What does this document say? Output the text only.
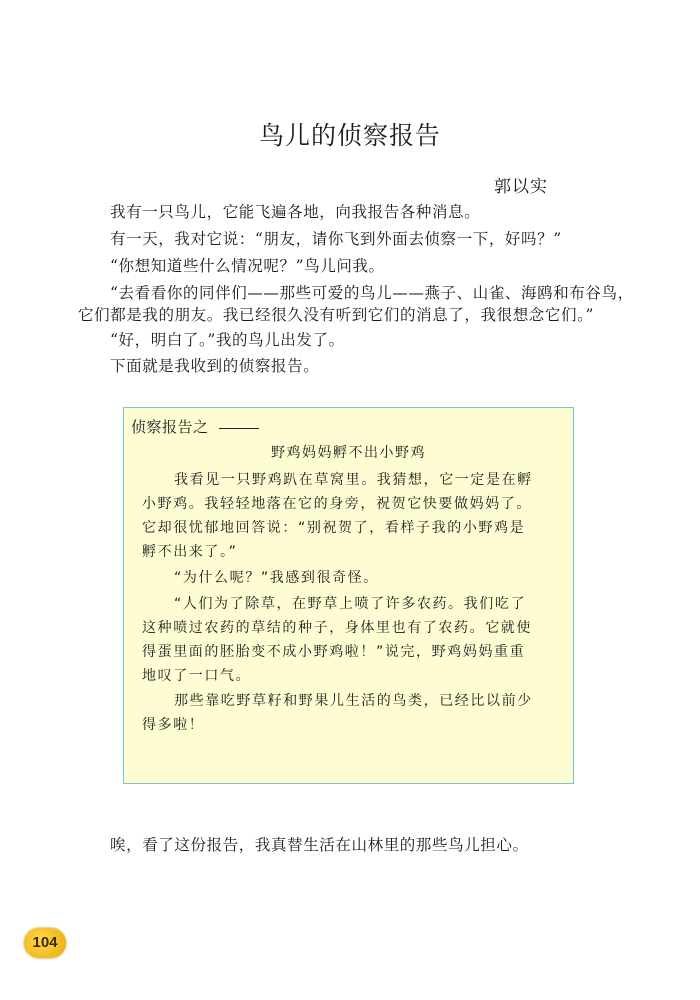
鸟儿的侦察报告
郭以实

我有一只鸟儿，它能飞遍各地，向我报告各种消息。

有一天，我对它说：“朋友，请你飞到外面去侦察一下，好吗？”

“你想知道些什么情况呢？”鸟儿问我。

“去看看你的同伴们——那些可爱的鸟儿——燕子、山雀、海鸥和布谷鸟，

它们都是我的朋友。我已经很久没有听到它们的消息了，我很想念它们。”

“好，明白了。”我的鸟儿出发了。

下面就是我收到的侦察报告。

侦察报告之
野鸡妈妈孵不出小野鸡

我看见一只野鸡趴在草窝里。我猜想，它一定是在孵

小野鸡。我轻轻地落在它的身旁，祝贺它快要做妈妈了。

它却很忧郁地回答说：“别祝贺了，看样子我的小野鸡是

孵不出来了。”

“为什么呢？”我感到很奇怪。

“人们为了除草，在野草上喷了许多农药。我们吃了

这种喷过农药的草结的种子，身体里也有了农药。它就使

得蛋里面的胚胎变不成小野鸡啦！”说完，野鸡妈妈重重

地叹了一口气。

那些靠吃野草籽和野果儿生活的鸟类，已经比以前少

得多啦！

唉，看了这份报告，我真替生活在山林里的那些鸟儿担心。
104
